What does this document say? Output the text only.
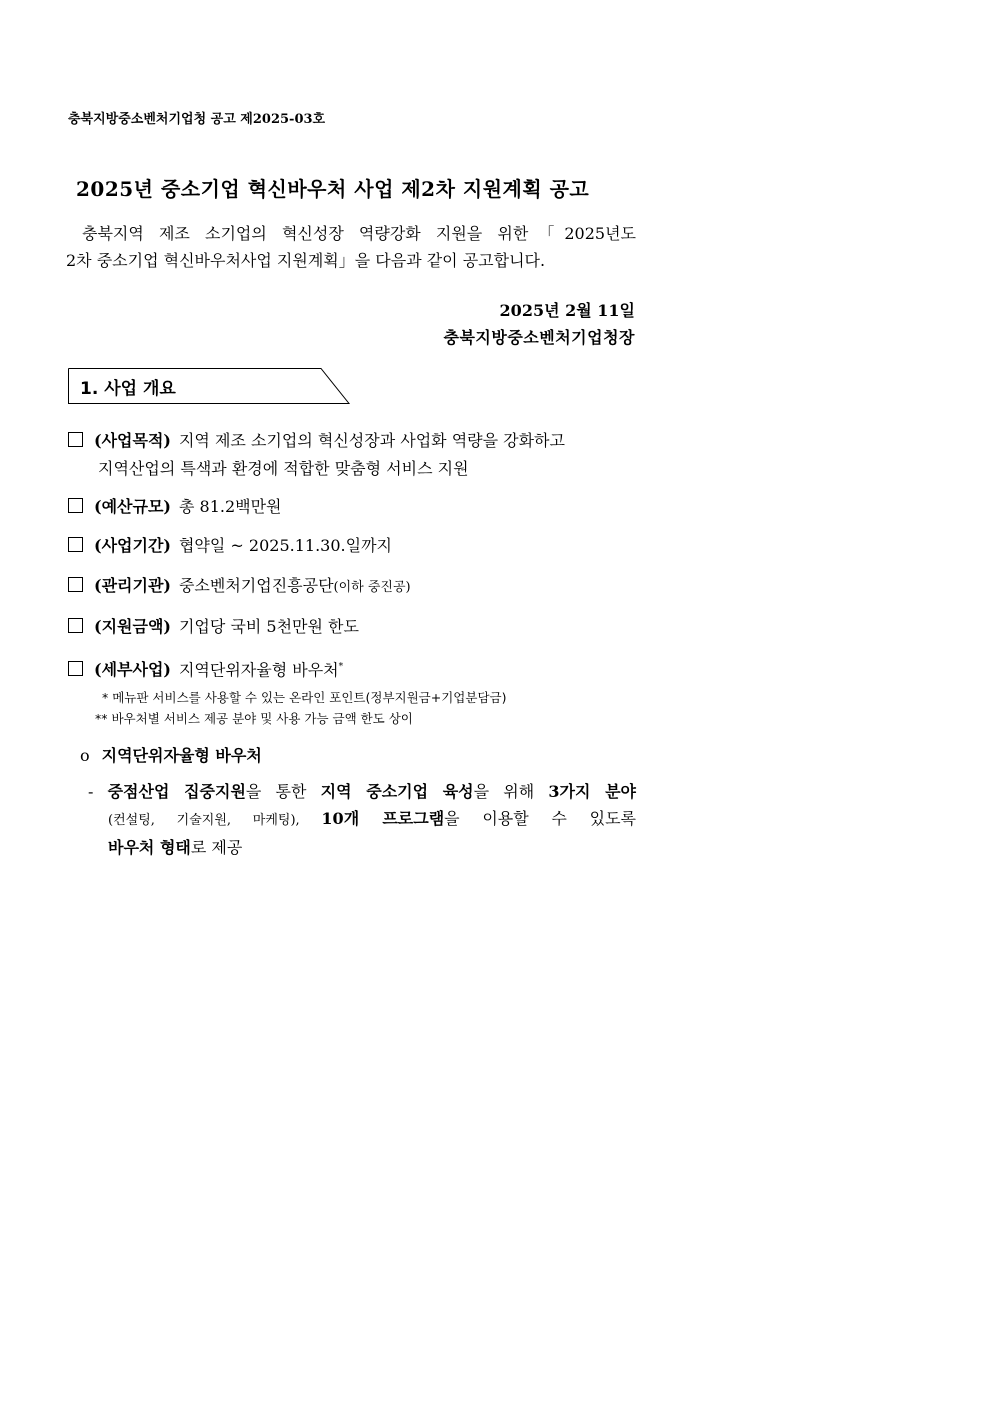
충북지방중소벤처기업청 공고 제2025-03호
2025년 중소기업 혁신바우처 사업 제2차 지원계획 공고
충북지역 제조 소기업의 혁신성장 역량강화 지원을 위한「2025년도
2차 중소기업 혁신바우처사업 지원계획」을 다음과 같이 공고합니다.
2025년 2월 11일
충북지방중소벤처기업청장
1. 사업 개요
(사업목적) 지역 제조 소기업의 혁신성장과 사업화 역량을 강화하고
지역산업의 특색과 환경에 적합한 맞춤형 서비스 지원
(예산규모) 총 81.2백만원
(사업기간) 협약일 ~ 2025.11.30.일까지
(관리기관) 중소벤처기업진흥공단(이하 중진공)
(지원금액) 기업당 국비 5천만원 한도
(세부사업) 지역단위자율형 바우처*
* 메뉴판 서비스를 사용할 수 있는 온라인 포인트(정부지원금+기업분담금)
** 바우처별 서비스 제공 분야 및 사용 가능 금액 한도 상이
o 지역단위자율형 바우처
- 중점산업 집중지원을 통한 지역 중소기업 육성을 위해 3가지 분야
(컨설팅, 기술지원, 마케팅), 10개 프로그램을 이용할 수 있도록
바우처 형태로 제공
